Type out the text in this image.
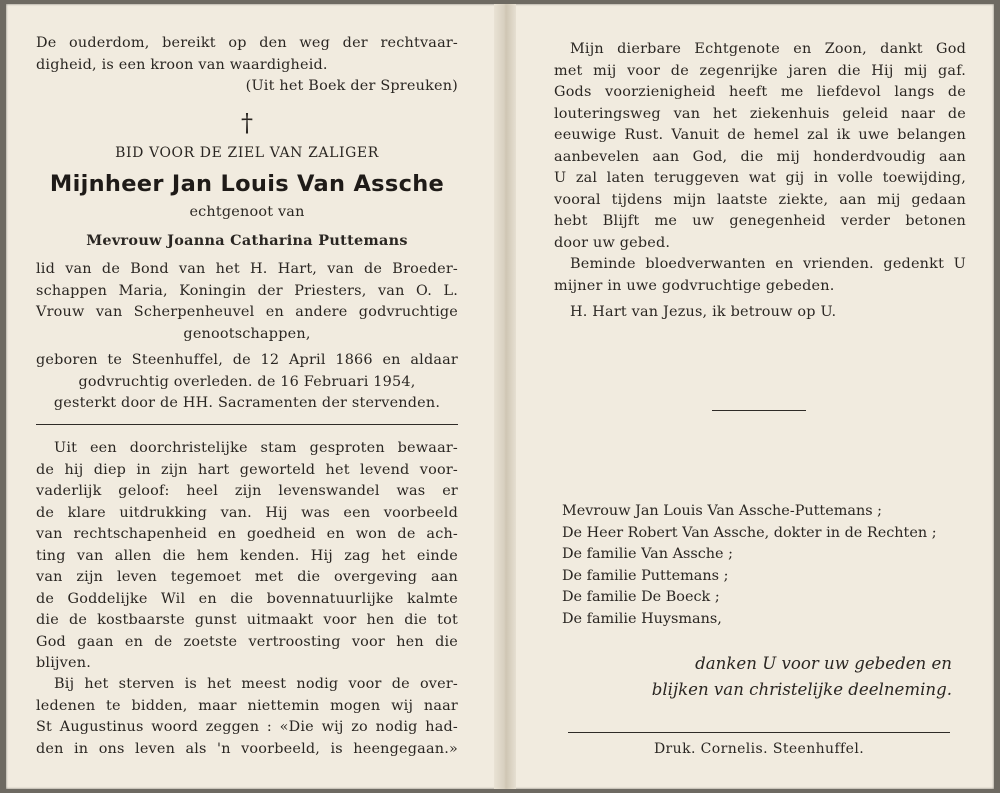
De ouderdom, bereikt op den weg der rechtvaar-

digheid, is een kroon van waardigheid.

(Uit het Boek der Spreuken)

†

BID VOOR DE ZIEL VAN ZALIGER

Mijnheer Jan Louis Van Assche

echtgenoot van

Mevrouw Joanna Catharina Puttemans

lid van de Bond van het H. Hart, van de Broeder-

schappen Maria, Koningin der Priesters, van O. L.

Vrouw van Scherpenheuvel en andere godvruchtige

genootschappen,

geboren te Steenhuffel, de 12 April 1866 en aldaar

godvruchtig overleden. de 16 Februari 1954,

gesterkt door de HH. Sacramenten der stervenden.

Uit een doorchristelijke stam gesproten bewaar-

de hij diep in zijn hart geworteld het levend voor-

vaderlijk geloof: heel zijn levenswandel was er

de klare uitdrukking van. Hij was een voorbeeld

van rechtschapenheid en goedheid en won de ach-

ting van allen die hem kenden. Hij zag het einde

van zijn leven tegemoet met die overgeving aan

de Goddelijke Wil en die bovennatuurlijke kalmte

die de kostbaarste gunst uitmaakt voor hen die tot

God gaan en de zoetste vertroosting voor hen die

blijven.

Bij het sterven is het meest nodig voor de over-

ledenen te bidden, maar niettemin mogen wij naar

St Augustinus woord zeggen : «Die wij zo nodig had-

den in ons leven als 'n voorbeeld, is heengegaan.»

Mijn dierbare Echtgenote en Zoon, dankt God

met mij voor de zegenrijke jaren die Hij mij gaf.

Gods voorzienigheid heeft me liefdevol langs de

louteringsweg van het ziekenhuis geleid naar de

eeuwige Rust. Vanuit de hemel zal ik uwe belangen

aanbevelen aan God, die mij honderdvoudig aan

U zal laten teruggeven wat gij in volle toewijding,

vooral tijdens mijn laatste ziekte, aan mij gedaan

hebt Blijft me uw genegenheid verder betonen

door uw gebed.

Beminde bloedverwanten en vrienden. gedenkt U

mijner in uwe godvruchtige gebeden.

H. Hart van Jezus, ik betrouw op U.

Mevrouw Jan Louis Van Assche-Puttemans ;

De Heer Robert Van Assche, dokter in de Rechten ;

De familie Van Assche ;

De familie Puttemans ;

De familie De Boeck ;

De familie Huysmans,

danken U voor uw gebeden en

blijken van christelijke deelneming.

Druk. Cornelis. Steenhuffel.
